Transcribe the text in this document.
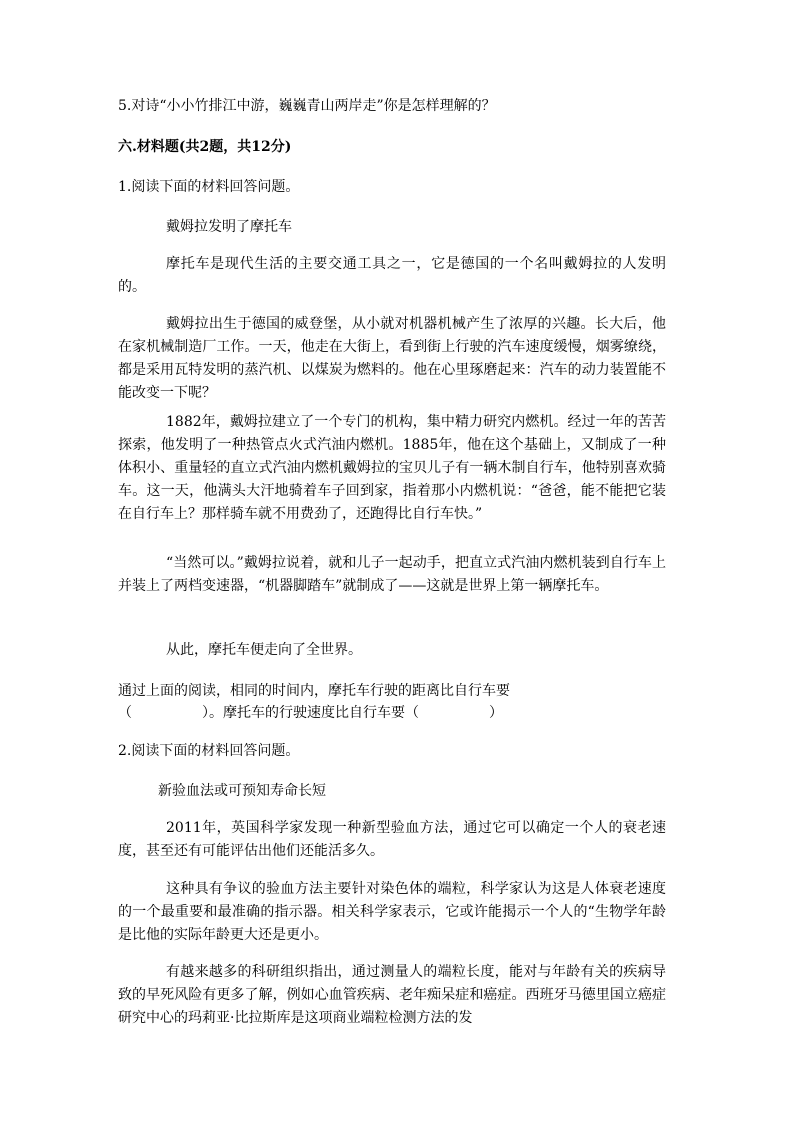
5.对诗“小小竹排江中游，巍巍青山两岸走”你是怎样理解的？
六.材料题(共2题，共12分)
1.阅读下面的材料回答问题。
戴姆拉发明了摩托车
摩托车是现代生活的主要交通工具之一，它是德国的一个名叫戴姆拉的人发明的。
戴姆拉出生于德国的威登堡，从小就对机器机械产生了浓厚的兴趣。长大后，他在家机械制造厂工作。一天，他走在大街上，看到街上行驶的汽车速度缓慢，烟雾缭绕，都是采用瓦特发明的蒸汽机、以煤炭为燃料的。他在心里琢磨起来：汽车的动力装置能不能改变一下呢？
1882年，戴姆拉建立了一个专门的机构，集中精力研究内燃机。经过一年的苦苦探索，他发明了一种热管点火式汽油内燃机。1885年，他在这个基础上，又制成了一种体积小、重量轻的直立式汽油内燃机戴姆拉的宝贝儿子有一辆木制自行车，他特别喜欢骑车。这一天，他满头大汗地骑着车子回到家，指着那小内燃机说：“爸爸，能不能把它装在自行车上？那样骑车就不用费劲了，还跑得比自行车快。”
“当然可以。”戴姆拉说着，就和儿子一起动手，把直立式汽油内燃机装到自行车上并装上了两档变速器，“机器脚踏车”就制成了——这就是世界上第一辆摩托车。
从此，摩托车便走向了全世界。
通过上面的阅读，相同的时间内，摩托车行驶的距离比自行车要
（　　　　　）。摩托车的行驶速度比自行车要（　　　　　）
2.阅读下面的材料回答问题。
新验血法或可预知寿命长短
2011年，英国科学家发现一种新型验血方法，通过它可以确定一个人的衰老速度，甚至还有可能评估出他们还能活多久。
这种具有争议的验血方法主要针对染色体的端粒，科学家认为这是人体衰老速度的一个最重要和最准确的指示器。相关科学家表示，它或许能揭示一个人的“生物学年龄是比他的实际年龄更大还是更小。
有越来越多的科研组织指出，通过测量人的端粒长度，能对与年龄有关的疾病导致的早死风险有更多了解，例如心血管疾病、老年痴呆症和癌症。西班牙马德里国立癌症研究中心的玛莉亚·比拉斯库是这项商业端粒检测方法的发
